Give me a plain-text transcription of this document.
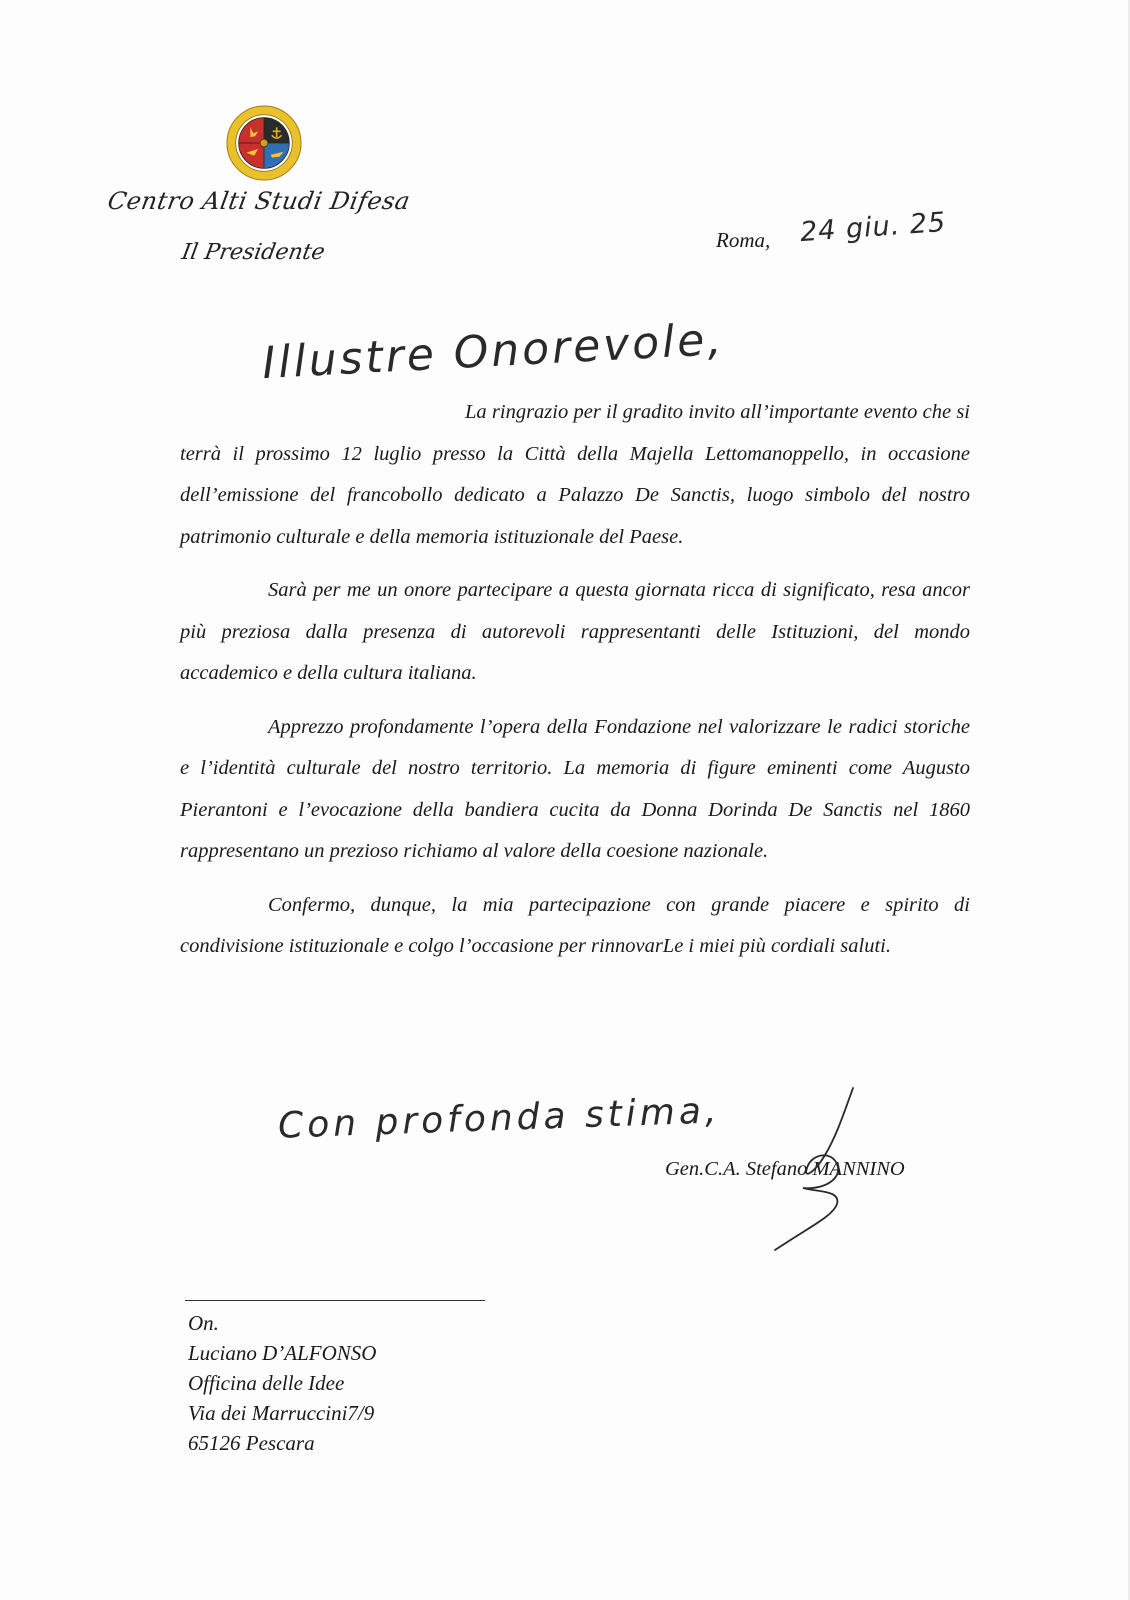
Centro Alti Studi Difesa
Il Presidente	Roma, 24 giu. 25
Illustre Onorevole,

La ringrazio per il gradito invito all’importante evento che si terrà il prossimo 12 luglio presso la Città della Majella Lettomanoppello, in occasione dell’emissione del francobollo dedicato a Palazzo De Sanctis, luogo simbolo del nostro patrimonio culturale e della memoria istituzionale del Paese.

Sarà per me un onore partecipare a questa giornata ricca di significato, resa ancor più preziosa dalla presenza di autorevoli rappresentanti delle Istituzioni, del mondo accademico e della cultura italiana.

Apprezzo profondamente l’opera della Fondazione nel valorizzare le radici storiche e l’identità culturale del nostro territorio. La memoria di figure eminenti come Augusto Pierantoni e l’evocazione della bandiera cucita da Donna Dorinda De Sanctis nel 1860 rappresentano un prezioso richiamo al valore della coesione nazionale.

Confermo, dunque, la mia partecipazione con grande piacere e spirito di condivisione istituzionale e colgo l’occasione per rinnovarLe i miei più cordiali saluti.

Con profonda stima,
Gen.C.A. Stefano MANNINO
On.
Luciano D’ALFONSO
Officina delle Idee
Via dei Marruccini7/9
65126 Pescara
